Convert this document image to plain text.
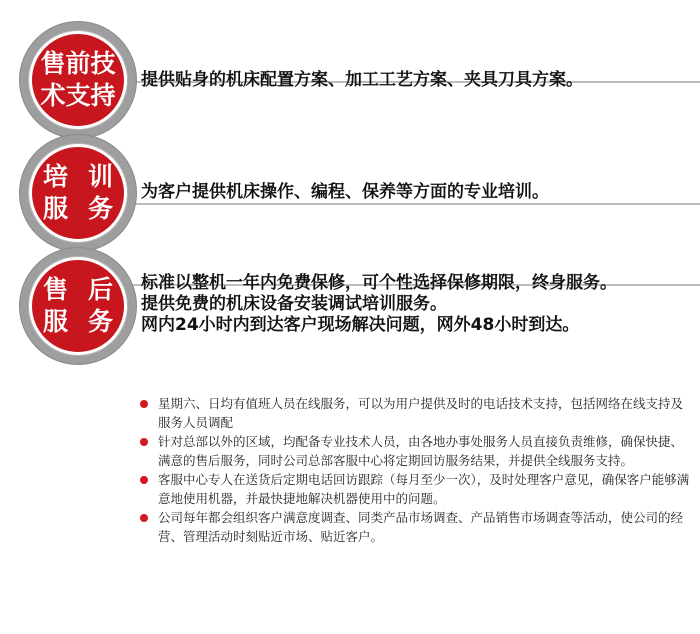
售前技
术支持
提供贴身的机床配置方案、加工工艺方案、夹具刀具方案。
培训
服务
为客户提供机床操作、编程、保养等方面的专业培训。
售后
服务
标准以整机一年内免费保修，可个性选择保修期限，终身服务。
提供免费的机床设备安装调试培训服务。
网内24小时内到达客户现场解决问题，网外48小时到达。
星期六、日均有值班人员在线服务，可以为用户提供及时的电话技术支持，包括网络在线支持及服务人员调配
针对总部以外的区域，均配备专业技术人员，由各地办事处服务人员直接负责维修，确保快捷、满意的售后服务，同时公司总部客服中心将定期回访服务结果，并提供全线服务支持。
客服中心专人在送货后定期电话回访跟踪（每月至少一次），及时处理客户意见，确保客户能够满意地使用机器，并最快捷地解决机器使用中的问题。
公司每年都会组织客户满意度调查、同类产品市场调查、产品销售市场调查等活动，使公司的经营、管理活动时刻贴近市场、贴近客户。
